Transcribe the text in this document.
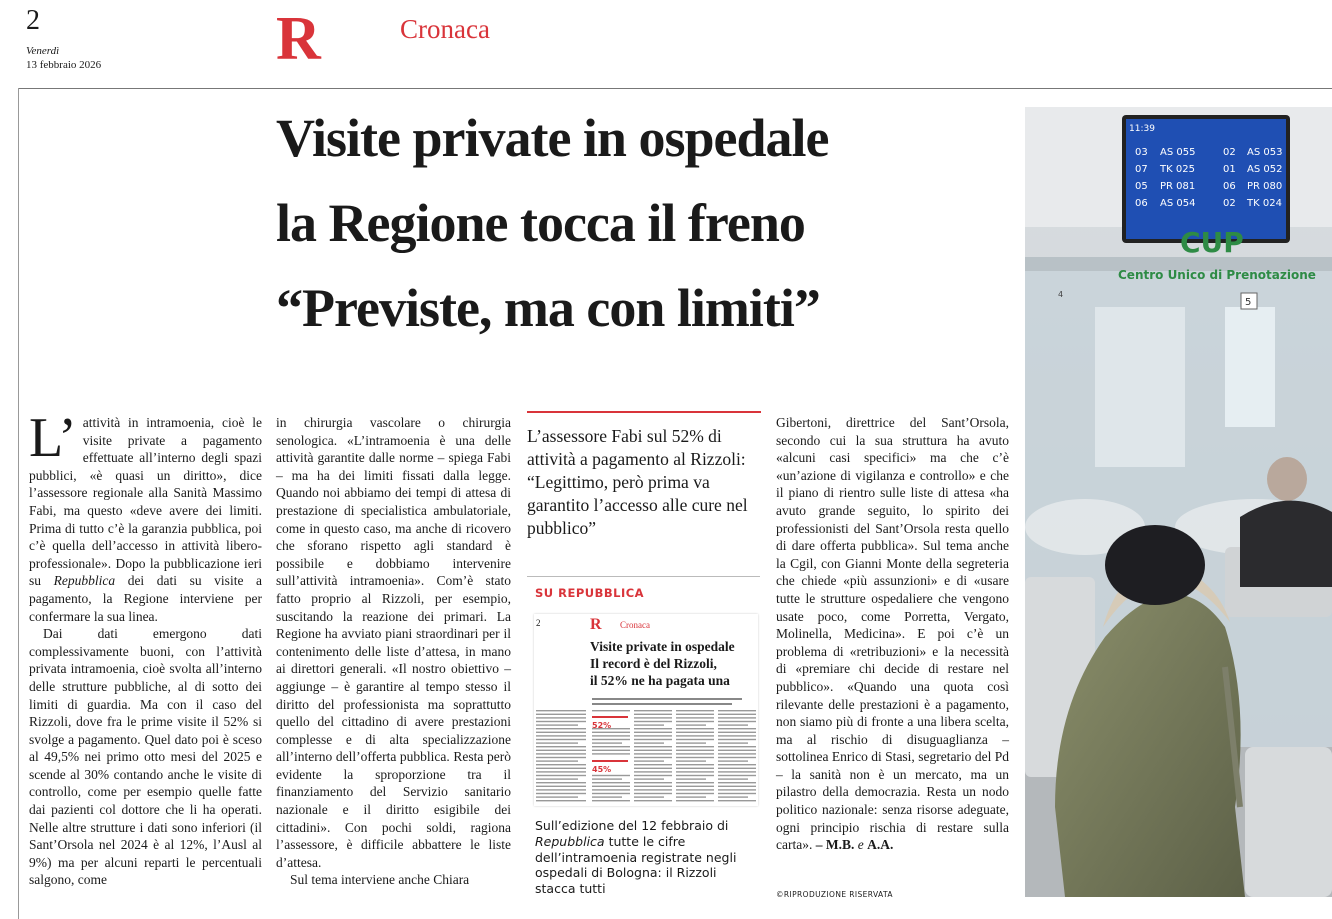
2
Venerdì
13 febbraio 2026	R	Cronaca
Visite private in ospedale
la Regione tocca il freno
“Previste, ma con limiti”

L’ attività in intramoenia, cioè le visite private a pagamento effettuate all’interno degli spazi pubblici, «è quasi un diritto», dice l’assessore regionale alla Sanità Massimo Fabi, ma questo «deve avere dei limiti. Prima di tutto c’è la garanzia pubblica, poi c’è quella dell’accesso in attività libero-professionale». Dopo la pubblicazione ieri su Repubblica dei dati su visite a pagamento, la Regione interviene per confermare la sua linea.

Dai dati emergono dati complessivamente buoni, con l’attività privata intramoenia, cioè svolta all’interno delle strutture pubbliche, al di sotto dei limiti di guardia. Ma con il caso del Rizzoli, dove fra le prime visite il 52% si svolge a pagamento. Quel dato poi è sceso al 49,5% nei primo otto mesi del 2025 e scende al 30% contando anche le visite di controllo, come per esempio quelle fatte dai pazienti col dottore che li ha operati. Nelle altre strutture i dati sono inferiori (il Sant’Orsola nel 2024 è al 12%, l’Ausl al 9%) ma per alcuni reparti le percentuali salgono, come

in chirurgia vascolare o chirurgia senologica. «L’intramoenia è una delle attività garantite dalle norme – spiega Fabi – ma ha dei limiti fissati dalla legge. Quando noi abbiamo dei tempi di attesa di prestazione di specialistica ambulatoriale, come in questo caso, ma anche di ricovero che sforano rispetto agli standard è possibile e dobbiamo intervenire sull’attività intramoenia». Com’è stato fatto proprio al Rizzoli, per esempio, suscitando la reazione dei primari. La Regione ha avviato piani straordinari per il contenimento delle liste d’attesa, in mano ai direttori generali. «Il nostro obiettivo – aggiunge – è garantire al tempo stesso il diritto del professionista ma soprattutto quello del cittadino di avere prestazioni complesse e di alta specializzazione all’interno dell’offerta pubblica. Resta però evidente la sproporzione tra il finanziamento del Servizio sanitario nazionale e il diritto esigibile dei cittadini». Con pochi soldi, ragiona l’assessore, è difficile abbattere le liste d’attesa.

Sul tema interviene anche Chiara

L’assessore Fabi sul 52% di attività a pagamento al Rizzoli: “Legittimo, però prima va garantito l’accesso alle cure nel pubblico”
SU REPUBBLICA
2	R Cronaca
Visite private in ospedale
Il record è del Rizzoli,
il 52% ne ha pagata una
52%
45%
Sull’edizione del 12 febbraio di Repubblica tutte le cifre dell’intramoenia registrate negli ospedali di Bologna: il Rizzoli stacca tutti

Gibertoni, direttrice del Sant’Orsola, secondo cui la sua struttura ha avuto «alcuni casi specifici» ma che c’è «un’azione di vigilanza e controllo» e che il piano di rientro sulle liste di attesa «ha avuto grande seguito, lo spirito dei professionisti del Sant’Orsola resta quello di dare offerta pubblica». Sul tema anche la Cgil, con Gianni Monte della segreteria che chiede «più assunzioni» e di «usare tutte le strutture ospedaliere che vengono usate poco, come Porretta, Vergato, Molinella, Medicina». E poi c’è un problema di «retribuzioni» e la necessità di «premiare chi decide di restare nel pubblico». «Quando una quota così rilevante delle prestazioni è a pagamento, non siamo più di fronte a una libera scelta, ma al rischio di disuguaglianza – sottolinea Enrico di Stasi, segretario del Pd – la sanità non è un mercato, ma un pilastro della democrazia. Resta un nodo politico nazionale: senza risorse adeguate, ogni principio rischia di restare sulla carta». – M.B. e A.A.

©RIPRODUZIONE RISERVATA
11:39
03 AS 055	02 AS 053
07 TK 025	01 AS 052
05 PR 081	06 PR 080
06 AS 054	02 TK 024
CUP
Centro Unico di Prenotazione
4
5
